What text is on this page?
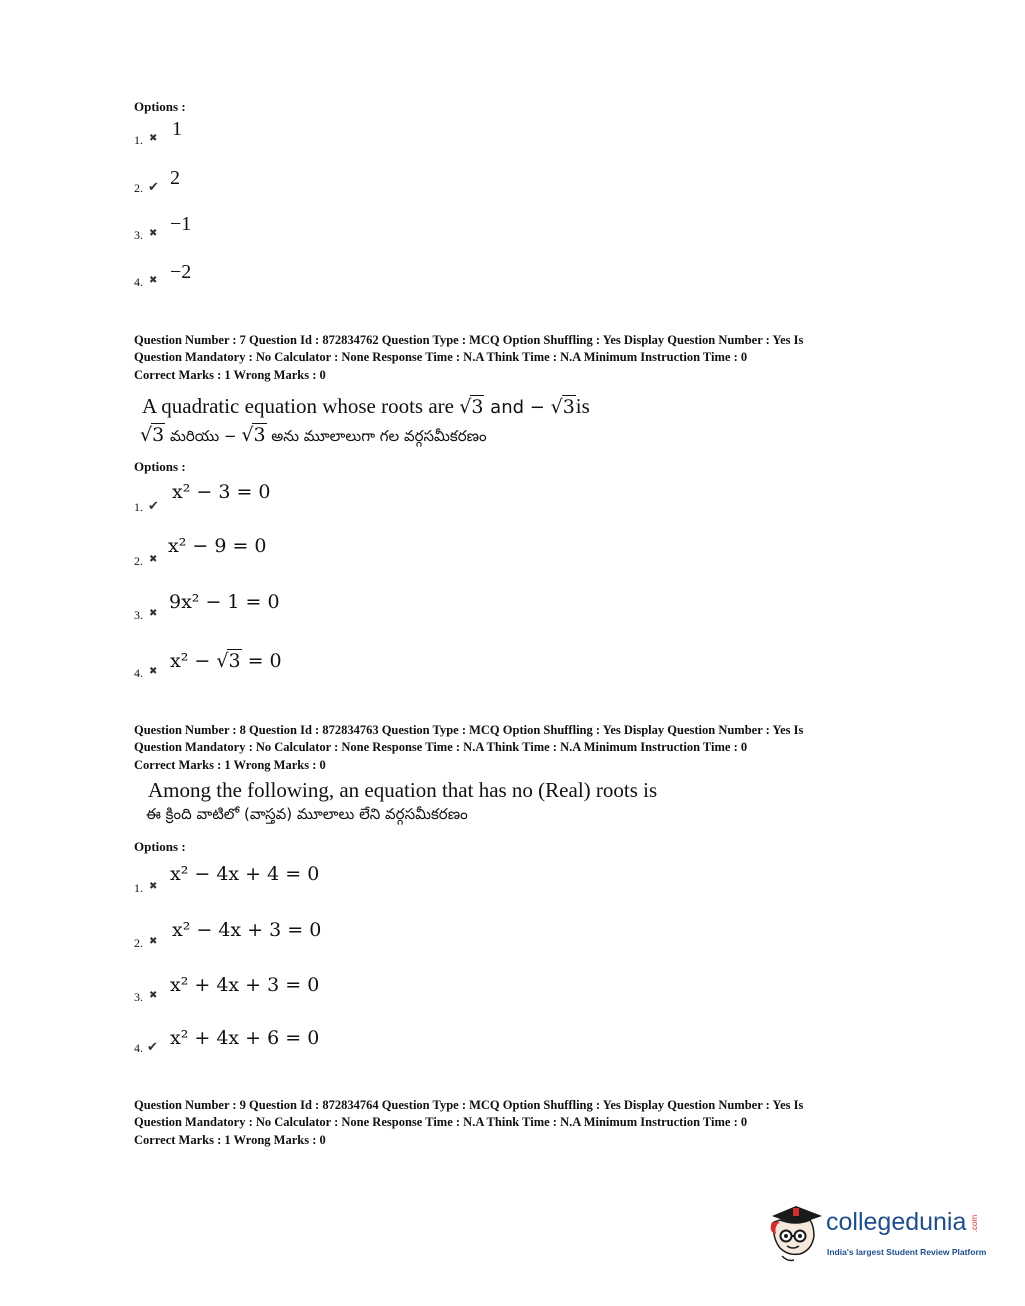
Options :
1. ✖ 1
2. ✔ 2
3. ✖ −1
4. ✖ −2
Question Number : 7 Question Id : 872834762 Question Type : MCQ Option Shuffling : Yes Display Question Number : Yes Is
Question Mandatory : No Calculator : None Response Time : N.A Think Time : N.A Minimum Instruction Time : 0
Correct Marks : 1 Wrong Marks : 0
A quadratic equation whose roots are √3 and − √3is
√3 మరియు − √3 అను మూలాలుగా గల వర్గసమీకరణం
Options :
1. ✔
x² − 3 = 0
2. ✖
x² − 9 = 0
3. ✖
9x² − 1 = 0
4. ✖ x² − √3 = 0
Question Number : 8 Question Id : 872834763 Question Type : MCQ Option Shuffling : Yes Display Question Number : Yes Is
Question Mandatory : No Calculator : None Response Time : N.A Think Time : N.A Minimum Instruction Time : 0
Correct Marks : 1 Wrong Marks : 0
Among the following, an equation that has no (Real) roots is
ఈ క్రింది వాటిలో (వాస్తవ) మూలాలు లేని వర్గసమీకరణం
Options :
1. ✖
x² − 4x + 4 = 0
2. ✖
x² − 4x + 3 = 0
3. ✖ x² + 4x + 3 = 0
4. ✔ x² + 4x + 6 = 0
Question Number : 9 Question Id : 872834764 Question Type : MCQ Option Shuffling : Yes Display Question Number : Yes Is
Question Mandatory : No Calculator : None Response Time : N.A Think Time : N.A Minimum Instruction Time : 0
Correct Marks : 1 Wrong Marks : 0
collegedunia .com
India's largest Student Review Platform
